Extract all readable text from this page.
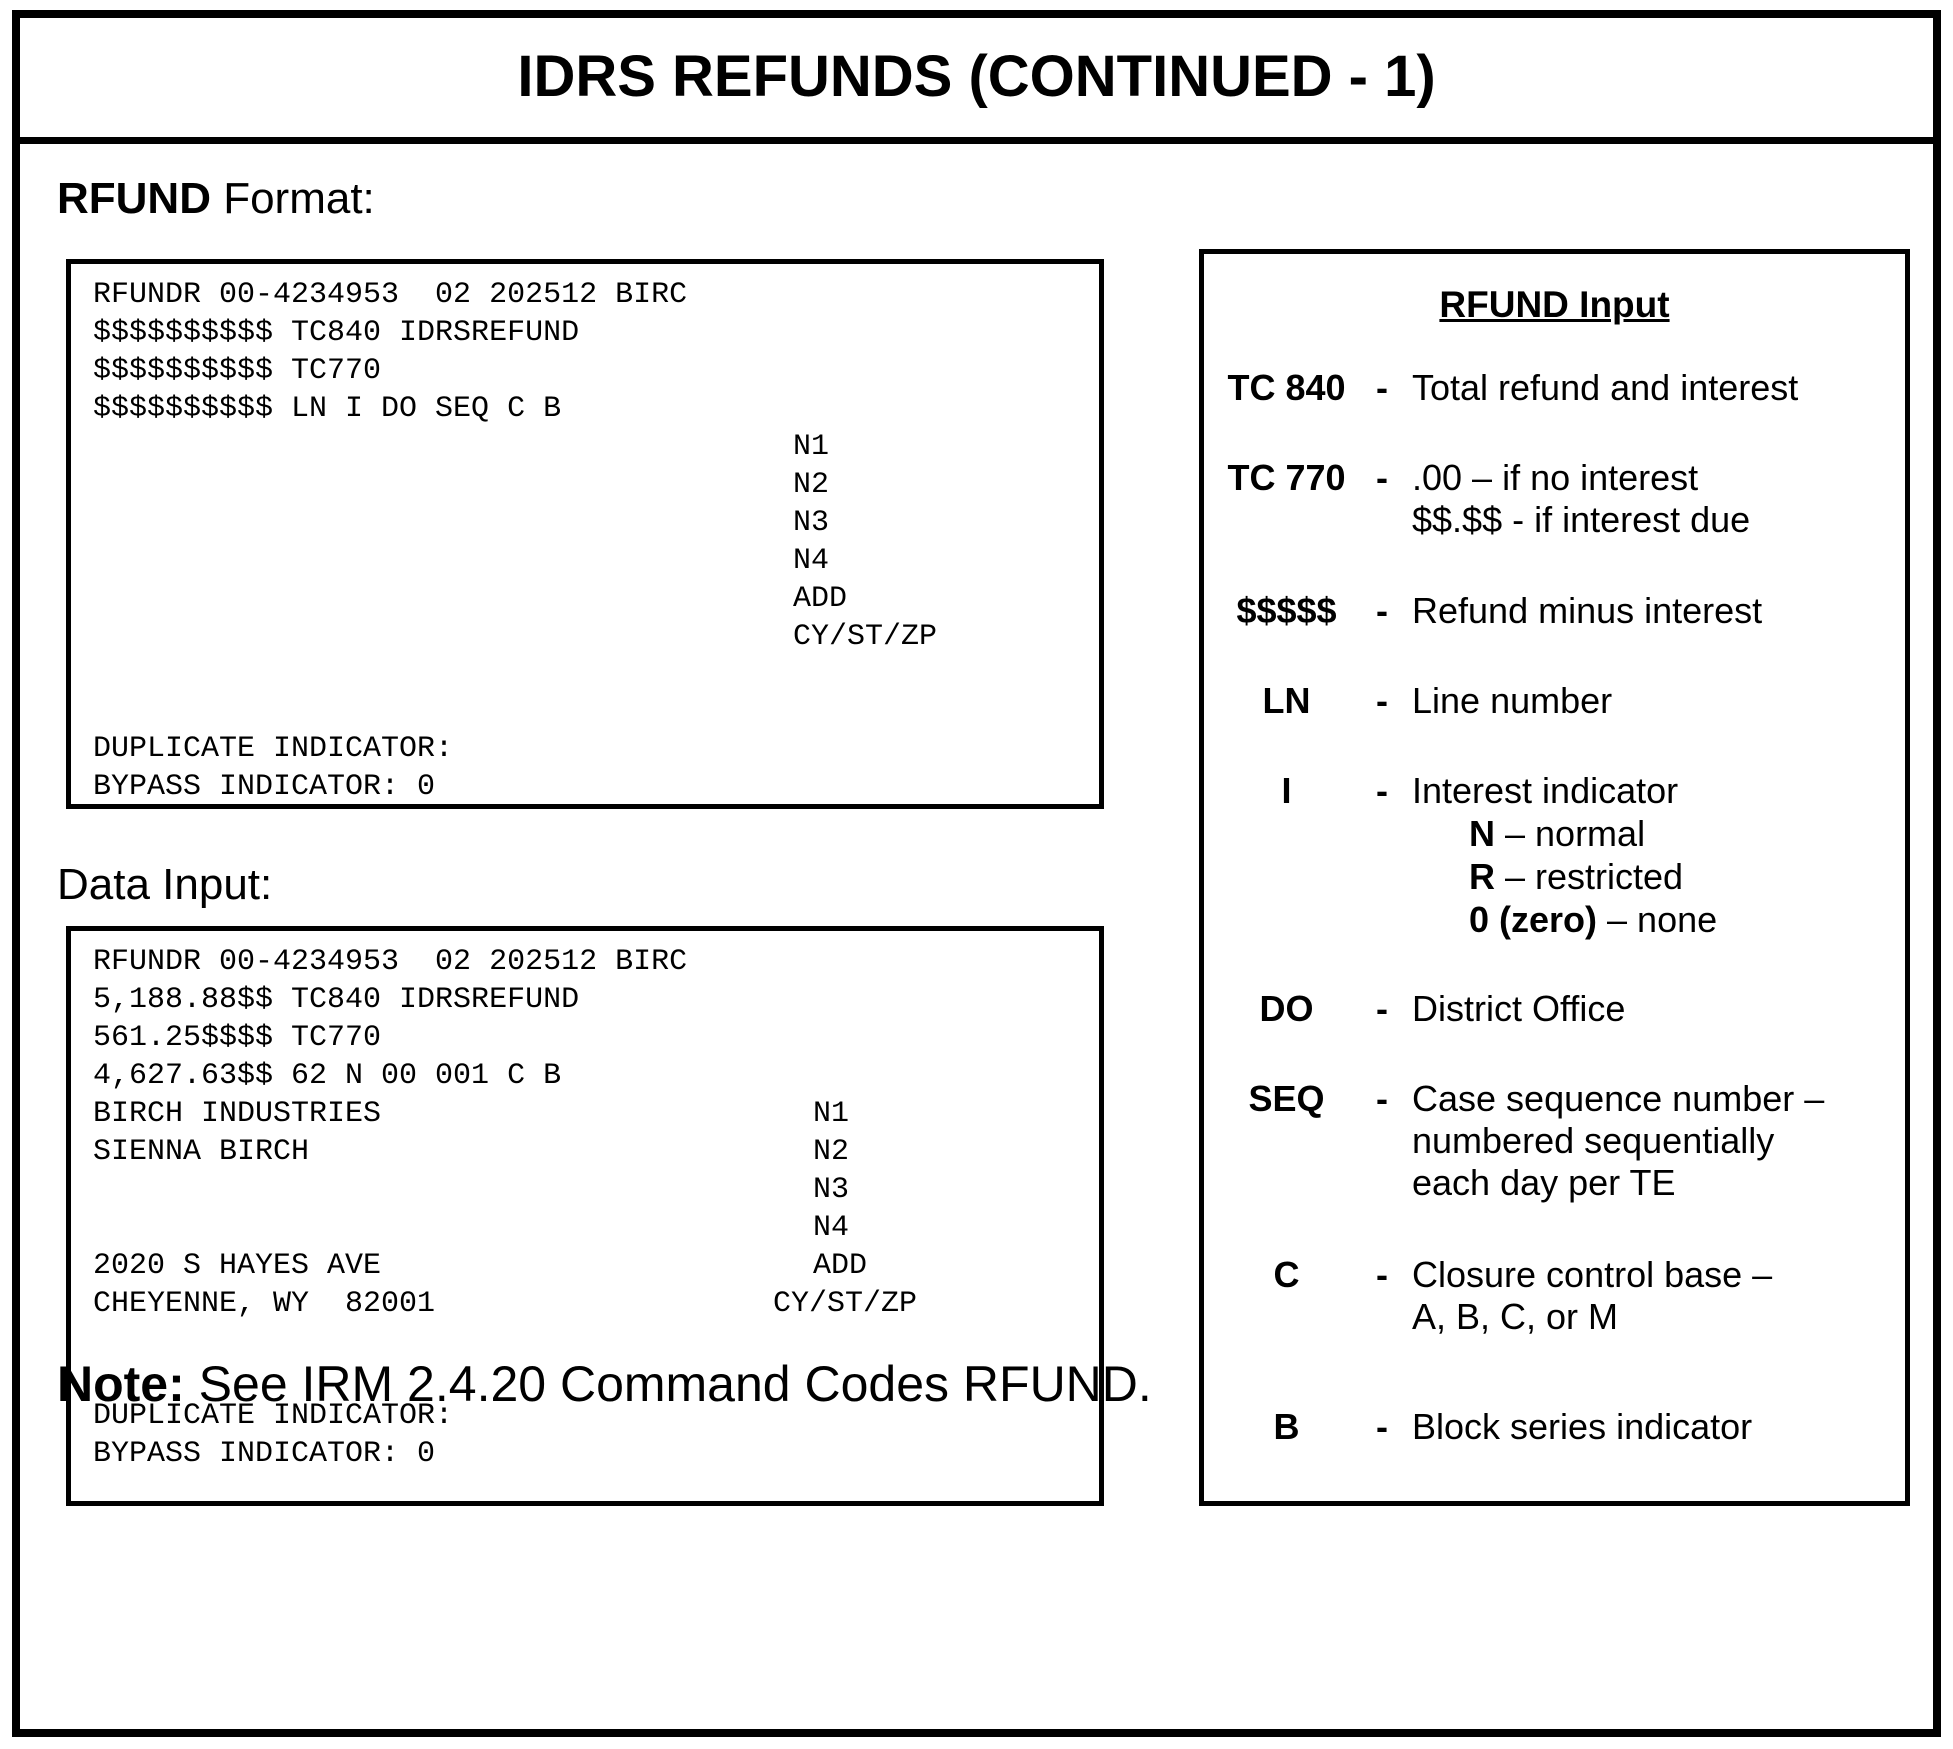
IDRS REFUNDS (CONTINUED - 1)
RFUND Format:
RFUNDR 00-4234953  02 202512 BIRC
$$$$$$$$$$ TC840 IDRSREFUND
$$$$$$$$$$ TC770
$$$$$$$$$$ LN I DO SEQ C B
N1
N2
N3
N4
ADD
CY/ST/ZP
DUPLICATE INDICATOR:
BYPASS INDICATOR: 0
Data Input:
RFUNDR 00-4234953  02 202512 BIRC
5,188.88$$ TC840 IDRSREFUND
561.25$$$$ TC770
4,627.63$$ 62 N 00 001 C B
BIRCH INDUSTRIES
SIENNA BIRCH
2020 S HAYES AVE
CHEYENNE, WY  82001
N1
N2
N3
N4
ADD
CY/ST/ZP
DUPLICATE INDICATOR:
BYPASS INDICATOR: 0
RFUND Input
TC 840 - Total refund and interest
TC 770 - .00 – if no interest
$$.$$ - if interest due
$$$$$	- Refund minus interest
LN	- Line number
I	- Interest indicator
N – normal
R – restricted
0 (zero) – none
DO	- District Office
SEQ	- Case sequence number –
numbered sequentially
each day per TE
C	- Closure control base –
A, B, C, or M
B	- Block series indicator
Note: See IRM 2.4.20 Command Codes RFUND.
